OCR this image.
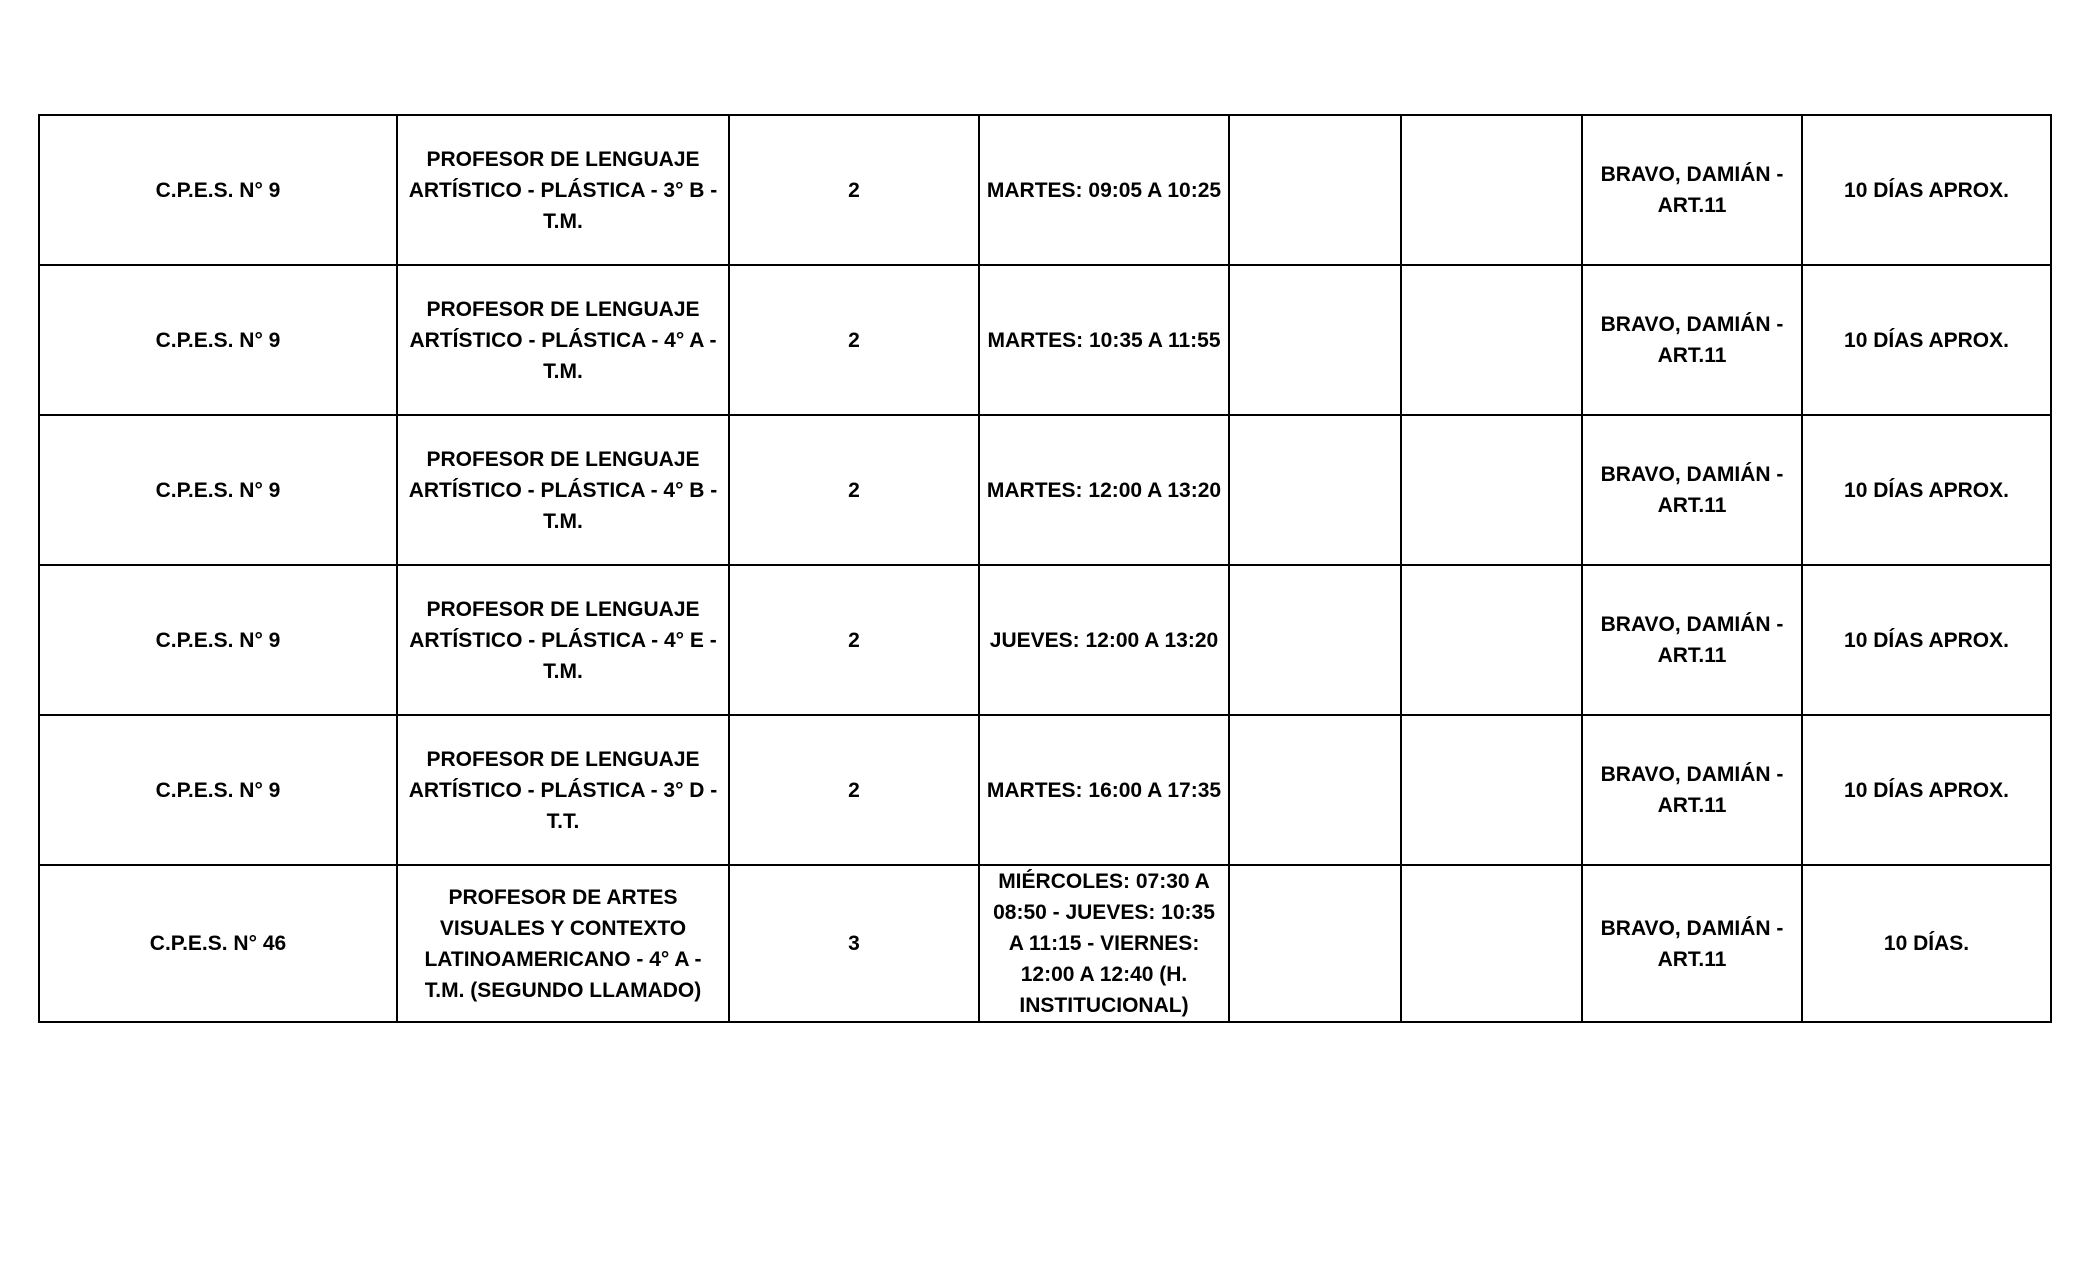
C.P.E.S. N° 9	PROFESOR DE LENGUAJE ARTÍSTICO - PLÁSTICA - 3° B - T.M.	2	MARTES: 09:05 A 10:25			BRAVO, DAMIÁN - ART.11	10 DÍAS APROX.
C.P.E.S. N° 9	PROFESOR DE LENGUAJE ARTÍSTICO - PLÁSTICA - 4° A - T.M.	2	MARTES: 10:35 A 11:55			BRAVO, DAMIÁN - ART.11	10 DÍAS APROX.
C.P.E.S. N° 9	PROFESOR DE LENGUAJE ARTÍSTICO - PLÁSTICA - 4° B - T.M.	2	MARTES: 12:00 A 13:20			BRAVO, DAMIÁN - ART.11	10 DÍAS APROX.
C.P.E.S. N° 9	PROFESOR DE LENGUAJE ARTÍSTICO - PLÁSTICA - 4° E - T.M.	2	JUEVES: 12:00 A 13:20			BRAVO, DAMIÁN - ART.11	10 DÍAS APROX.
C.P.E.S. N° 9	PROFESOR DE LENGUAJE ARTÍSTICO - PLÁSTICA - 3° D - T.T.	2	MARTES: 16:00 A 17:35			BRAVO, DAMIÁN - ART.11	10 DÍAS APROX.
C.P.E.S. N° 46	PROFESOR DE ARTES VISUALES Y CONTEXTO LATINOAMERICANO - 4° A - T.M. (SEGUNDO LLAMADO)	3	MIÉRCOLES: 07:30 A 08:50 - JUEVES: 10:35 A 11:15 - VIERNES: 12:00 A 12:40 (H. INSTITUCIONAL)			BRAVO, DAMIÁN - ART.11	10 DÍAS.
